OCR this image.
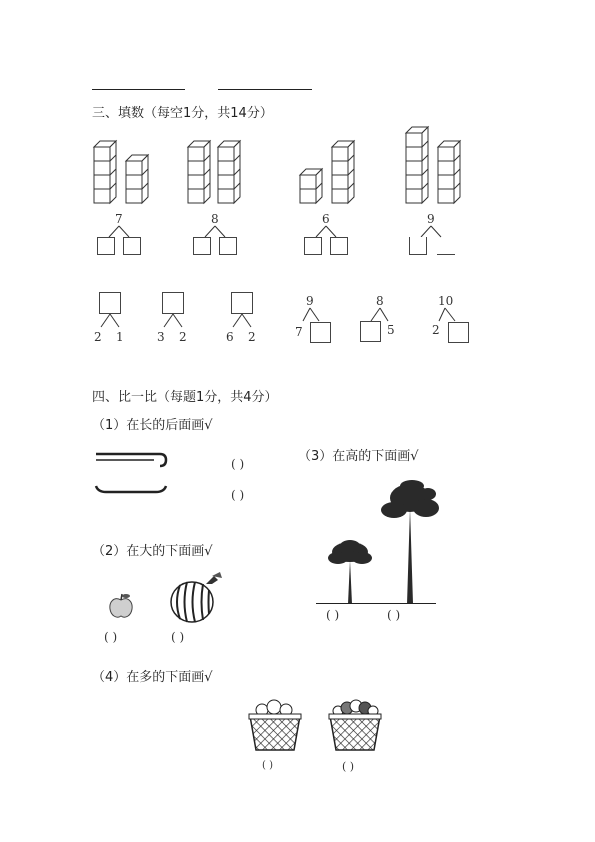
三、填数（每空1分，共14分）
7	8	6	9
2 1	3 2	6 2
9
7
8
5
10
2
四、比一比（每题1分，共4分）
（1）在长的后面画√
( )
( )
（3）在高的下面画√
( )	( )
（2）在大的下面画√
( )	( )
（4）在多的下面画√
( )	( )
